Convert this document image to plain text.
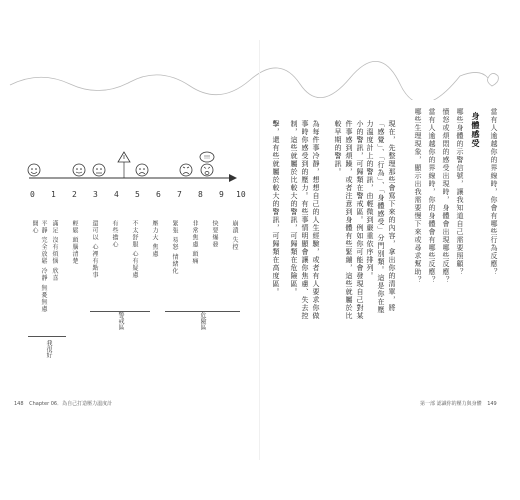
!!!
0 1 2 3 4 5 6 7 8 9 10
平靜 完全放鬆 冷靜 無憂無慮 開心	滿足 沒有煩惱 欣喜 輕鬆 頭腦清楚 還可以 心裡有點事 有些擔心 不太舒服 心有疑慮 壓力大 焦慮 緊張 易怒 情緒化 非常焦慮 頭痛 快要爆發 崩潰 失控
我很好
警戒區	危險區
148 Chapter 06．為自己打造壓力溫度計
當有人逾越你的界線時，你會有哪些行為反應？
身體感受
哪些身體的示警信號，讓我知道自己需要照顧？
憤怒或煩悶的感受出現時，身體會出現哪些反應？
當有人逾越你的界線時，你的身體會有哪些反應？
哪些生理現象，顯示出我需要慢下來或尋求幫助？
現在，先整理那些會寫下來的內容，拿出你的清單，將「感覺」、「行為」、「身體感受」分門別類。這是你在壓力溫度計上的警訊，由輕微到嚴重依序排列。
小的警訊，可歸類在警戒區。例如你可能會發現自己對某件事感到煩躁，或者注意到身體有些緊繃，這些就屬於比較早期的警訊。
為每件事冷靜，想想自己的人生經驗，或者有人要求你做事時你感受到的壓力。有些事情明顯會讓你焦慮、失去控制，這些就屬於比較大的警訊，可歸類在危險區。
擊，還有些就屬於較大的警訊，可歸類在高度區。
第一部 認識你的壓力與身體 149
